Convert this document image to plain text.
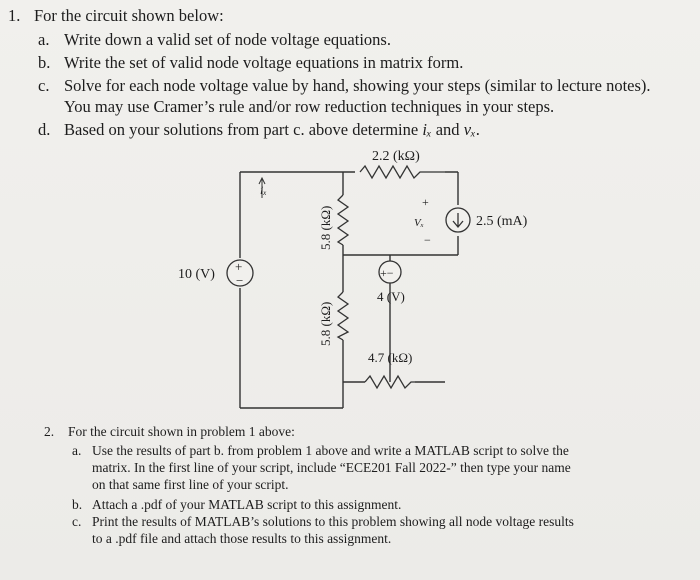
1. For the circuit shown below:
a. Write down a valid set of node voltage equations.
b. Write the set of valid node voltage equations in matrix form.
c. Solve for each node voltage value by hand, showing your steps (similar to lecture notes).
You may use Cramer’s rule and/or row reduction techniques in your steps.
d. Based on your solutions from part c. above determine iₓ and vₓ.
+
−	+−
2.2 (kΩ)
iₓ
5.8 (kΩ)
5.8 (kΩ)
+
Vₓ
−
2.5 (mA)
10 (V)
4 (V)
4.7 (kΩ)
2. For the circuit shown in problem 1 above:
a. Use the results of part b. from problem 1 above and write a MATLAB script to solve the
matrix. In the first line of your script, include “ECE201 Fall 2022-” then type your name
on that same first line of your script.
b. Attach a .pdf of your MATLAB script to this assignment.
c. Print the results of MATLAB’s solutions to this problem showing all node voltage results
to a .pdf file and attach those results to this assignment.
